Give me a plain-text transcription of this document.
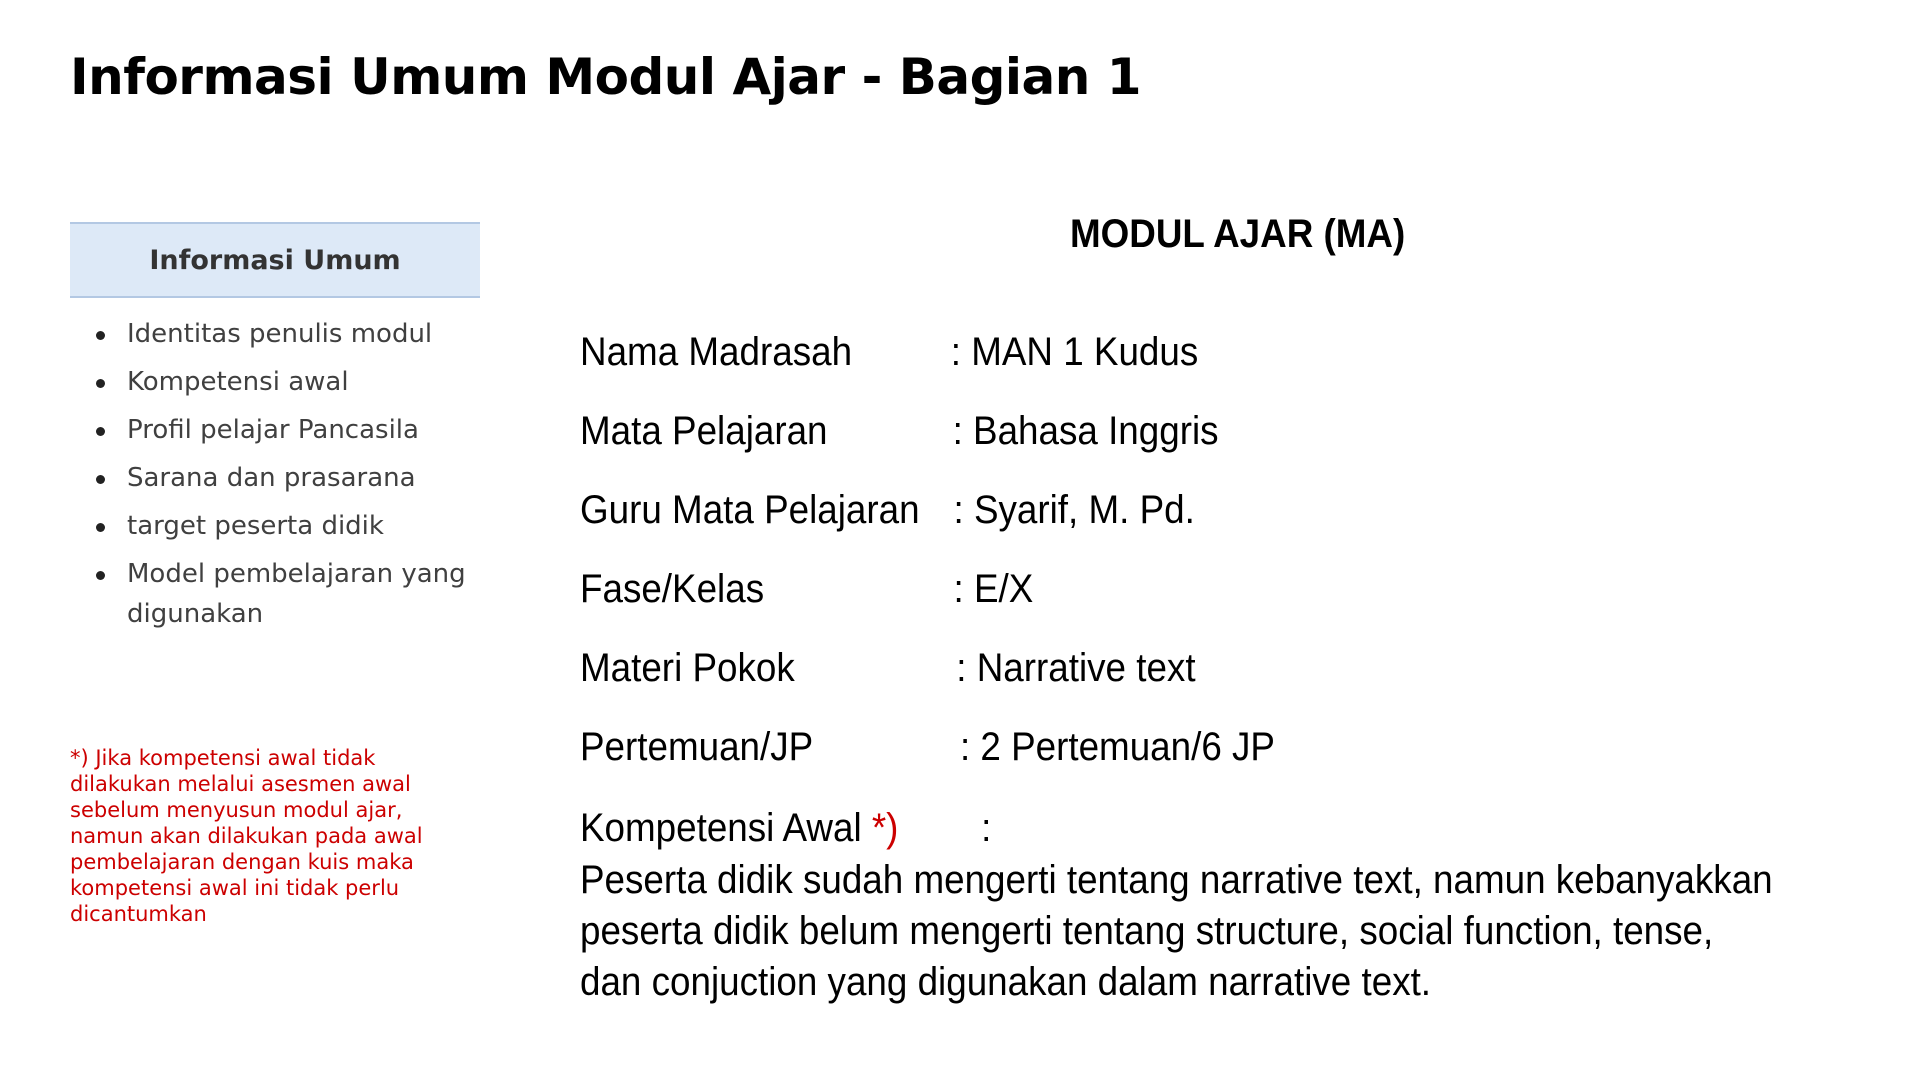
Informasi Umum Modul Ajar - Bagian 1
Informasi Umum
Identitas penulis modul
Kompetensi awal
Profil pelajar Pancasila
Sarana dan prasarana
target peserta didik
Model pembelajaran yang digunakan
*) Jika kompetensi awal tidak
dilakukan melalui asesmen awal
sebelum menyusun modul ajar,
namun akan dilakukan pada awal
pembelajaran dengan kuis maka
kompetensi awal ini tidak perlu
dicantumkan
MODUL AJAR (MA)
Nama Madrasah : MAN 1 Kudus
Mata Pelajaran	: Bahasa Inggris
Guru Mata Pelajaran : Syarif, M. Pd.
Fase/Kelas	: E/X
Materi Pokok	: Narrative text
Pertemuan/JP	: 2 Pertemuan/6 JP
Kompetensi Awal *) :
Peserta didik sudah mengerti tentang narrative text, namun kebanyakkan peserta didik belum mengerti tentang structure, social function, tense, dan conjuction yang digunakan dalam narrative text.
